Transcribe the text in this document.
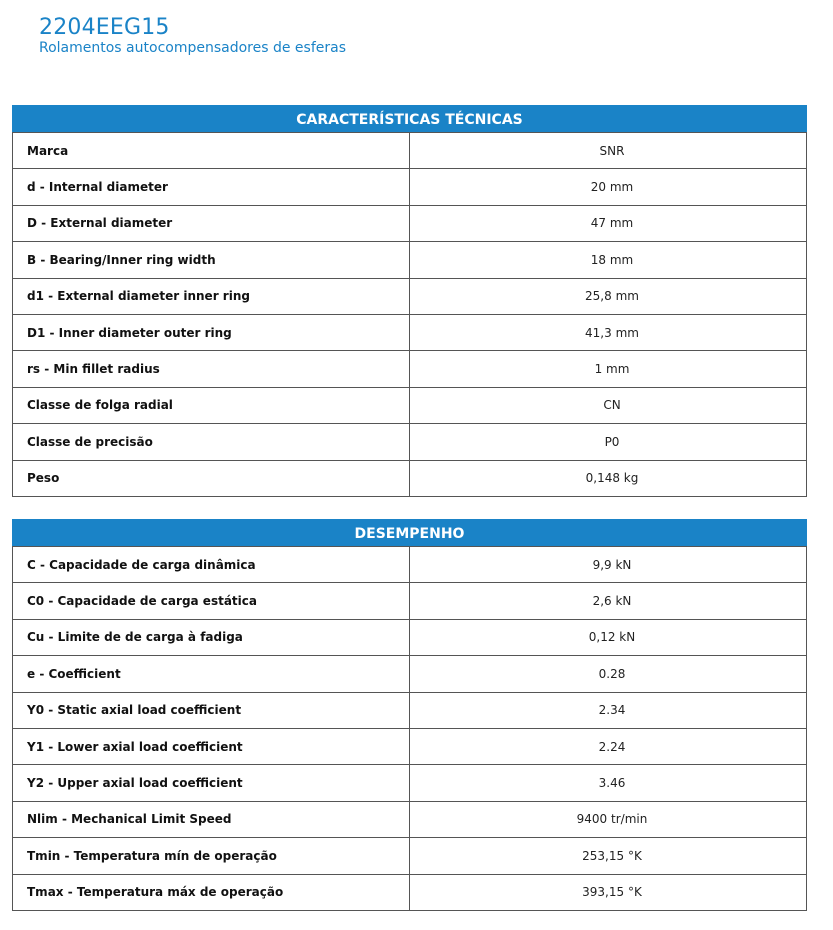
2204EEG15
Rolamentos autocompensadores de esferas
CARACTERÍSTICAS TÉCNICAS
Marca	SNR
d - Internal diameter	20 mm
D - External diameter	47 mm
B - Bearing/Inner ring width	18 mm
d1 - External diameter inner ring	25,8 mm
D1 - Inner diameter outer ring	41,3 mm
rs - Min fillet radius	1 mm
Classe de folga radial	CN
Classe de precisão	P0
Peso	0,148 kg
DESEMPENHO
C - Capacidade de carga dinâmica	9,9 kN
C0 - Capacidade de carga estática	2,6 kN
Cu - Limite de de carga à fadiga	0,12 kN
e - Coefficient	0.28
Y0 - Static axial load coefficient	2.34
Y1 - Lower axial load coefficient	2.24
Y2 - Upper axial load coefficient	3.46
Nlim - Mechanical Limit Speed	9400 tr/min
Tmin - Temperatura mín de operação	253,15 °K
Tmax - Temperatura máx de operação	393,15 °K
